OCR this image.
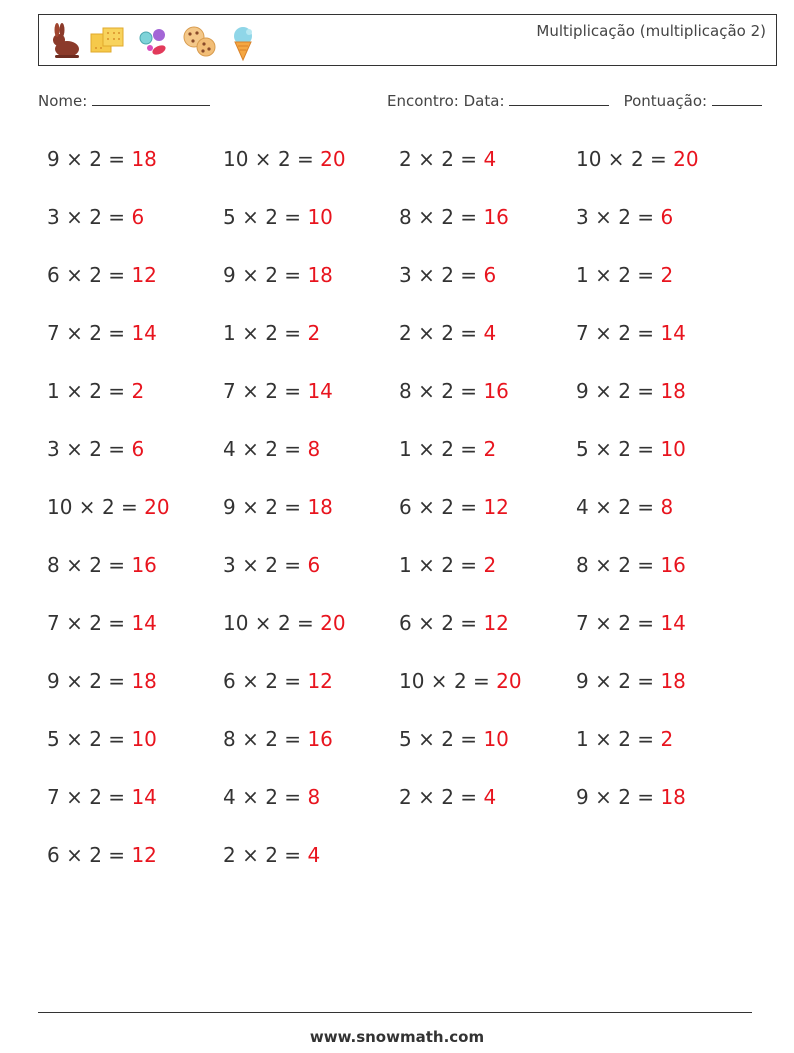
Multiplicação (multiplicação 2)
Nome:	Encontro: Data:	Pontuação:
9 × 2 = 18	10 × 2 = 20	2 × 2 = 4	10 × 2 = 20
3 × 2 = 6	5 × 2 = 10	8 × 2 = 16	3 × 2 = 6
6 × 2 = 12	9 × 2 = 18	3 × 2 = 6	1 × 2 = 2
7 × 2 = 14	1 × 2 = 2	2 × 2 = 4	7 × 2 = 14
1 × 2 = 2	7 × 2 = 14	8 × 2 = 16	9 × 2 = 18
3 × 2 = 6	4 × 2 = 8	1 × 2 = 2	5 × 2 = 10
10 × 2 = 20	9 × 2 = 18	6 × 2 = 12	4 × 2 = 8
8 × 2 = 16	3 × 2 = 6	1 × 2 = 2	8 × 2 = 16
7 × 2 = 14	10 × 2 = 20	6 × 2 = 12	7 × 2 = 14
9 × 2 = 18	6 × 2 = 12	10 × 2 = 20	9 × 2 = 18
5 × 2 = 10	8 × 2 = 16	5 × 2 = 10	1 × 2 = 2
7 × 2 = 14	4 × 2 = 8	2 × 2 = 4	9 × 2 = 18
6 × 2 = 12	2 × 2 = 4
www.snowmath.com
